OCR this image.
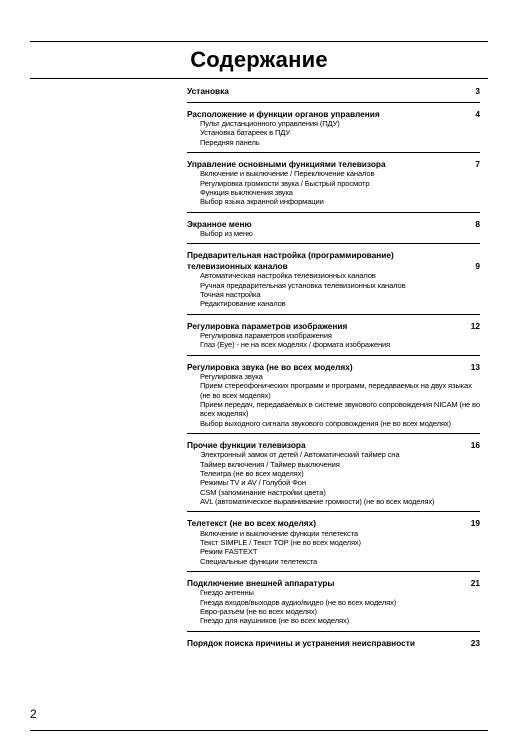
Содержание
Установка	3
Расположение и функции органов управления	4
Пульт дистанционного управления (ПДУ)
Установка батареек в ПДУ
Передняя панель
Управление основными функциями телевизора	7
Включение и выключение / Переключение каналов
Регулировка громкости звука / Быстрый просмотр
Функция выключения звука
Выбор языка экранной информации
Экранное меню	8
Выбор из меню
Предварительная настройка (программирование) телевизионных каналов	9
Автоматическая настройка телевизионных каналов
Ручная предварительная установка телевизионных каналов
Точная настройка
Редактирование каналов
Регулировка параметров изображения	12
Регулировка параметров изображения
Глаз (Eye) - не на всех моделях / формата изображения
Регулировка звука (не во всех моделях)	13
Регулировка звука
Прием стереофонических программ и программ, передаваемых на двух языках (не во всех моделях)
Прием передач, передаваемых в системе звукового сопровождения NICAM (не во всех моделях)
Выбор выходного сигнала звукового сопровождения (не во всех моделях)
Прочие функции телевизора	16
Электронный замок от детей / Автоматический таймер сна
Таймер включения / Таймер выключения
Телеигра (не во всех моделях)
Режимы TV и AV / Голубой Фон
CSM (запоминание настройки цвета)
AVL (автоматическое выравнивание громкости) (не во всех моделях)
Телетекст (не во всех моделях)	19
Включение и выключение функции телетекста
Текст SIMPLE / Текст TOP (не во всех моделях)
Режим FASTEXT
Специальные функции телетекста
Подключение внешней аппаратуры	21
Гнездо антенны
Гнезда входов/выходов аудио/видео (не во всех моделях)
Евро-разъем (не во всех моделях)
Гнездо для наушников (не во всех моделях)
Порядок поиска причины и устранения неисправности	23
2
